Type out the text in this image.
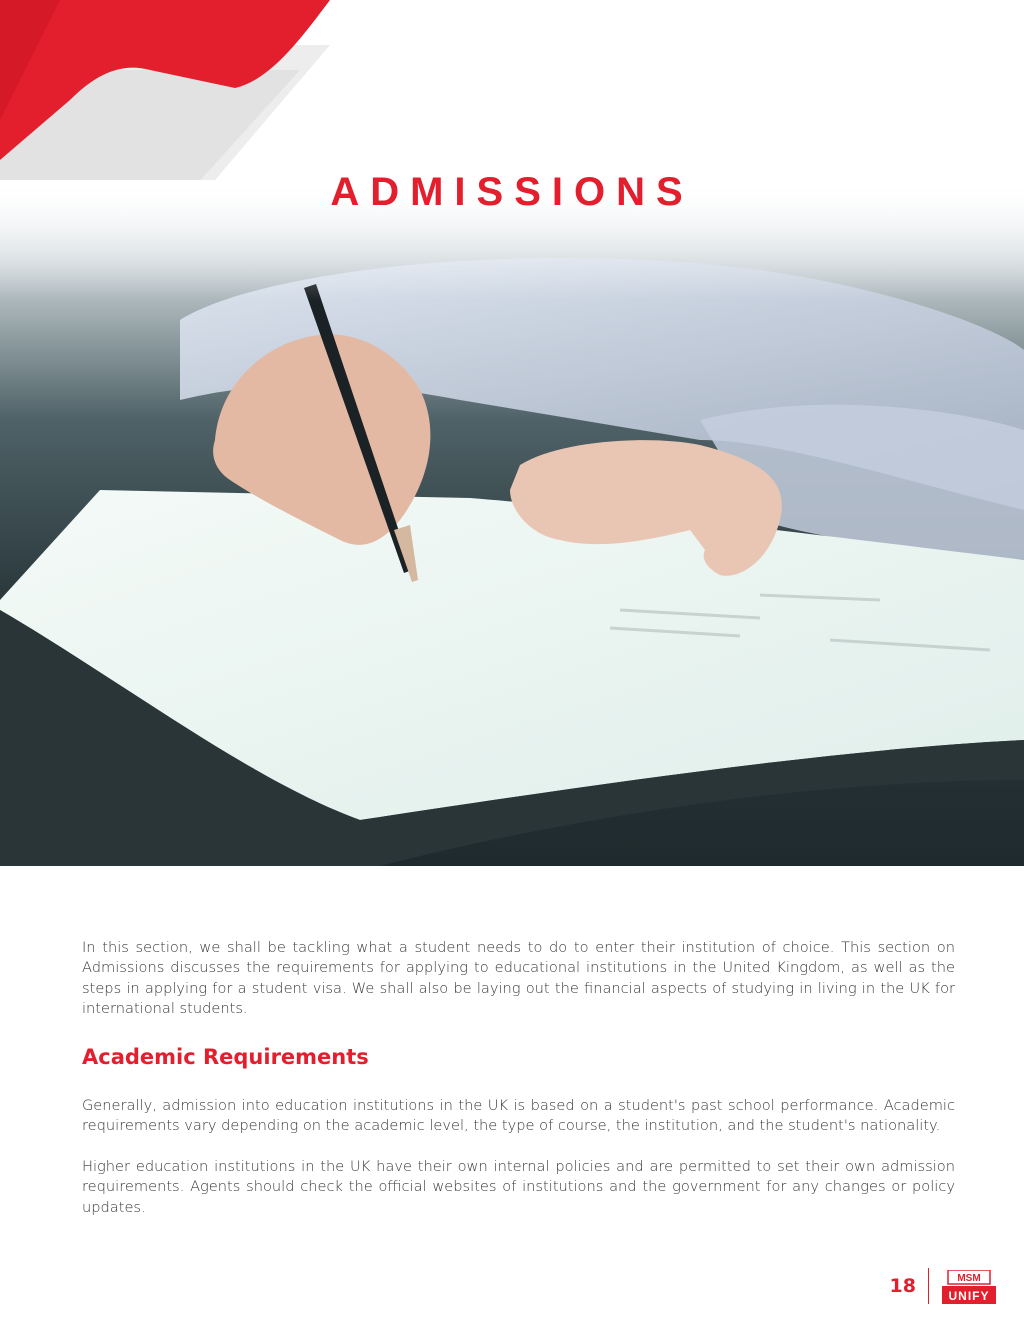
ADMISSIONS

In this section, we shall be tackling what a student needs to do to enter their institution of choice. This section on Admissions discusses the requirements for applying to educational institutions in the United Kingdom, as well as the steps in applying for a student visa. We shall also be laying out the financial aspects of studying in living in the UK for international students.

Academic Requirements

Generally, admission into education institutions in the UK is based on a student's past school performance. Academic requirements vary depending on the academic level, the type of course, the institution, and the student's nationality.

Higher education institutions in the UK have their own internal policies and are permitted to set their own admission requirements. Agents should check the official websites of institutions and the government for any changes or policy updates.

18	MSM
UNIFY
